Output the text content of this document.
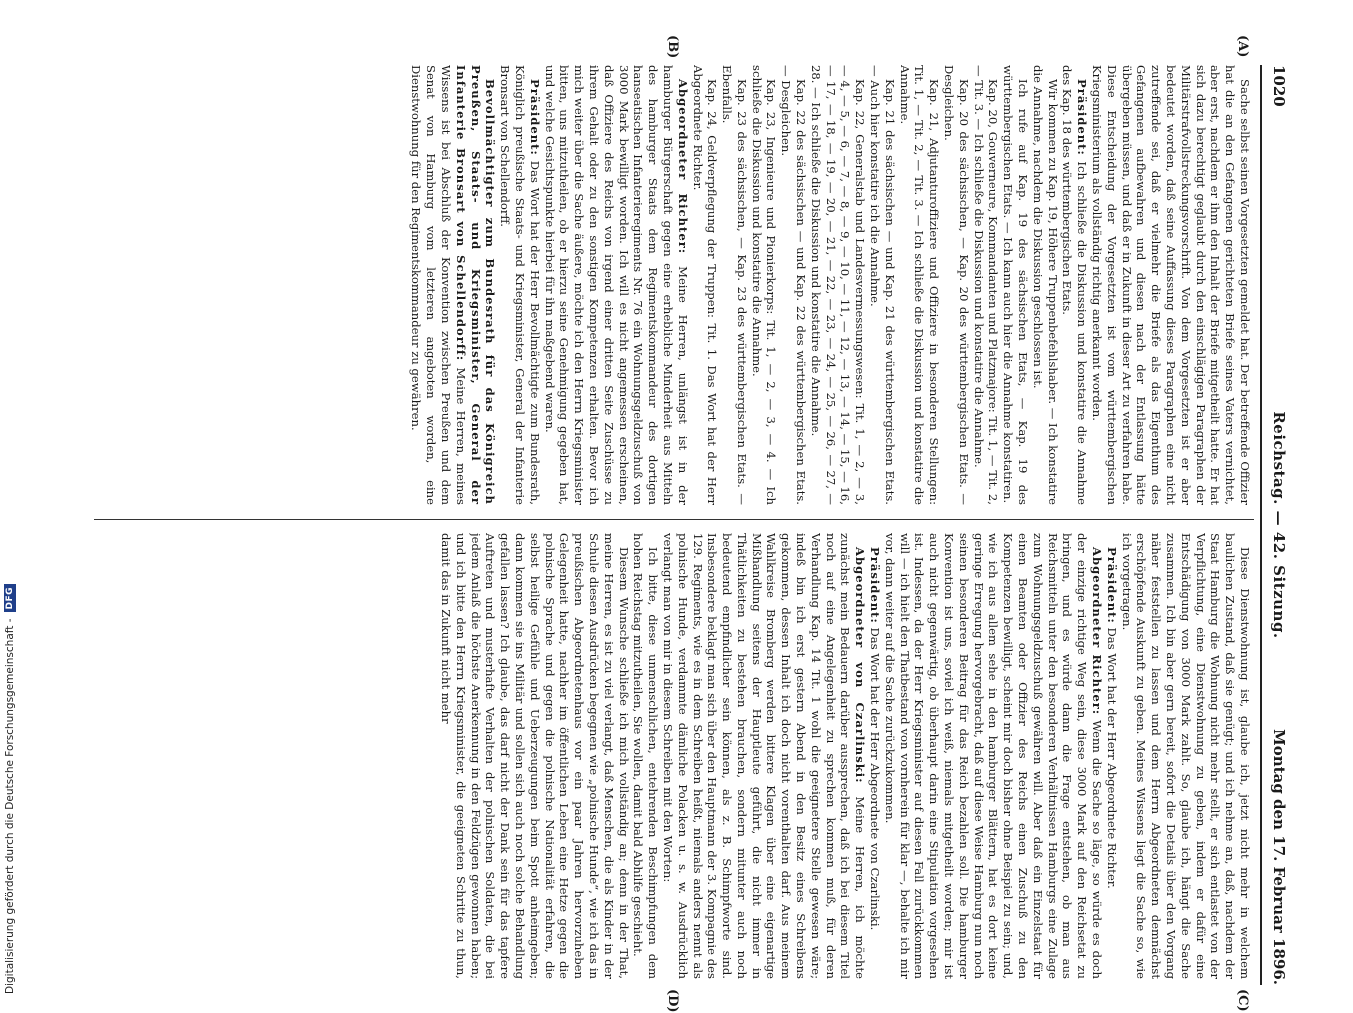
1020
Reichstag. — 42. Sitzung.
Montag den 17. Februar 1896.
(A)
(B)
(C)
(D)

Sache selbst seinen Vorgesetzten gemeldet hat. Der betreffende Offizier hat die an den Gefangenen gerichteten Briefe seines Vaters vernichtet, aber erst, nachdem er ihm den Inhalt der Briefe mitgetheilt hatte. Er hat sich dazu berechtigt geglaubt durch den einschlägigen Paragraphen der Militärstrafvollstreckungsvorschrift. Von dem Vorgesetzten ist er aber bedeutet worden, daß seine Auffassung dieses Paragraphen eine nicht zutreffende sei, daß er vielmehr die Briefe als das Eigenthum des Gefangenen aufbewahren und diesen nach der Entlassung hätte übergeben müssen, und daß er in Zukunft in dieser Art zu verfahren habe. Diese Entscheidung der Vorgesetzten ist vom württembergischen Kriegsministerium als vollständig richtig anerkannt worden.

Präsident: Ich schließe die Diskussion und konstatire die Annahme des Kap. 18 des württembergischen Etats.

Wir kommen zu Kap. 19, Höhere Truppenbefehlshaber. — Ich konstatire die Annahme, nachdem die Diskussion geschlossen ist.

Ich rufe auf Kap. 19 des sächsischen Etats, — Kap. 19 des württembergischen Etats. — Ich kann auch hier die Annahme konstatiren.

Kap. 20, Gouverneure, Kommandanten und Platzmajore: Tit. 1, — Tit. 2, — Tit. 3. — Ich schließe die Diskussion und konstatire die Annahme.

Kap. 20 des sächsischen, — Kap. 20 des württembergischen Etats. — Desgleichen.

Kap. 21, Adjutanturoffiziere und Offiziere in besonderen Stellungen: Tit. 1, — Tit. 2, — Tit. 3. — Ich schließe die Diskussion und konstatire die Annahme.

Kap. 21 des sächsischen — und Kap. 21 des württembergischen Etats. — Auch hier konstatire ich die Annahme.

Kap. 22, Generalstab und Landesvermessungswesen: Tit. 1, — 2, — 3, — 4, — 5, — 6, — 7, — 8, — 9, — 10, — 11, — 12, — 13, — 14, — 15, — 16, — 17, — 18, — 19, — 20, — 21, — 22, — 23, — 24, — 25, — 26, — 27, — 28. — Ich schließe die Diskussion und konstatire die Annahme.

Kap. 22 des sächsischen — und Kap. 22 des württembergischen Etats. — Desgleichen.

Kap. 23, Ingenieure und Pionierkorps: Tit. 1, — 2, — 3, — 4. — Ich schließe die Diskussion und konstatire die Annahme.

Kap. 23 des sächsischen, — Kap. 23 des württembergischen Etats. — Ebenfalls.

Kap. 24, Geldverpflegung der Truppen: Tit. 1. Das Wort hat der Herr Abgeordnete Richter.

Abgeordneter Richter: Meine Herren, unlängst ist in der hamburger Bürgerschaft gegen eine erhebliche Minderheit aus Mitteln des hamburger Staats dem Regimentskommandeur des dortigen hanseatischen Infanterieregiments Nr. 76 ein Wohnungsgeldzuschuß von 3000 Mark bewilligt worden. Ich will es nicht angemessen erscheinen, daß Offiziere des Reichs von irgend einer dritten Seite Zuschüsse zu ihrem Gehalt oder zu den sonstigen Kompetenzen erhalten. Bevor ich mich weiter über die Sache äußere, möchte ich den Herrn Kriegsminister bitten, uns mitzutheilen, ob er hierzu seine Genehmigung gegeben hat, und welche Gesichtspunkte hierbei für ihn maßgebend waren.

Präsident: Das Wort hat der Herr Bevollmächtigte zum Bundesrath, Königlich preußische Staats- und Kriegsminister, General der Infanterie Bronsart von Schellendorff.

Bevollmächtigter zum Bundesrath für das Königreich Preußen, Staats- und Kriegsminister, General der Infanterie Bronsart von Schellendorff: Meine Herren, meines Wissens ist bei Abschluß der Konvention zwischen Preußen und dem Senat von Hamburg vom letzteren angeboten worden, eine Dienstwohnung für den Regimentskommandeur zu gewähren.

Diese Dienstwohnung ist, glaube ich, jetzt nicht mehr in welchem baulichen Zustand, daß sie genügt; und ich nehme an, daß, nachdem der Staat Hamburg die Wohnung nicht mehr stellt, er sich entlastet von der Verpflichtung, eine Dienstwohnung zu geben, indem er dafür eine Entschädigung von 3000 Mark zahlt. So, glaube ich, hängt die Sache zusammen. Ich bin aber gern bereit, sofort die Details über den Vorgang näher feststellen zu lassen und dem Herrn Abgeordneten demnächst erschöpfende Auskunft zu geben. Meines Wissens liegt die Sache so, wie ich vorgetragen.

Präsident: Das Wort hat der Herr Abgeordnete Richter.

Abgeordneter Richter: Wenn die Sache so läge, so würde es doch der einzige richtige Weg sein, diese 3000 Mark auf den Reichsetat zu bringen, und es würde dann die Frage entstehen, ob man aus Reichsmitteln unter den besonderen Verhältnissen Hamburgs eine Zulage zum Wohnungsgeldzuschuß gewähren will. Aber daß ein Einzelstaat für einen Beamten oder Offizier des Reichs einen Zuschuß zu den Kompetenzen bewilligt, scheint mir doch bisher ohne Beispiel zu sein; und, wie ich aus allem sehe in den hamburger Blättern, hat es dort keine geringe Erregung hervorgebracht, daß auf diese Weise Hamburg nun noch seinen besonderen Beitrag für das Reich bezahlen soll. Die hamburger Konvention ist uns, soviel ich weiß, niemals mitgetheilt worden; mir ist auch nicht gegenwärtig, ob überhaupt darin eine Stipulation vorgesehen ist. Indessen, da der Herr Kriegsminister auf diesen Fall zurückkommen will — ich hielt den Thatbestand von vornherein für klar —, behalte ich mir vor, dann weiter auf die Sache zurückzukommen.

Präsident: Das Wort hat der Herr Abgeordnete von Czarlinski.

Abgeordneter von Czarlinski: Meine Herren, ich möchte zunächst mein Bedauern darüber aussprechen, daß ich bei diesem Titel noch auf eine Angelegenheit zu sprechen kommen muß, für deren Verhandlung Kap. 14 Tit. 1 wohl die geeignetere Stelle gewesen wäre; indeß bin ich erst gestern Abend in den Besitz eines Schreibens gekommen, dessen Inhalt ich doch nicht vorenthalten darf. Aus meinem Wahlkreise Bromberg werden bittere Klagen über eine eigenartige Mißhandlung seitens der Hauptleute geführt, die nicht immer in Thätlichkeiten zu bestehen brauchen, sondern mitunter auch noch bedeutend empfindlicher sein können, als z. B. Schimpfworte sind. Insbesondere beklagt man sich über den Hauptmann der 3. Kompagnie des 129. Regiments, wie es in dem Schreiben heißt, niemals anders nennt als polnische Hunde, verdammte dämliche Polacken u. s. w. Ausdrücklich verlangt man von mir in diesem Schreiben mit den Worten:

Ich bitte, diese unmenschlichen, entehrenden Beschimpfungen dem hohen Reichstag mitzutheilen, Sie wollen, damit bald Abhilfe geschieht.

Diesem Wunsche schließe ich mich vollständig an; denn in der That, meine Herren, es ist zu viel verlangt, daß Menschen, die als Kinder in der Schule diesen Ausdrücken begegnen wie „polnische Hunde“, wie ich das in preußischen Abgeordnetenhaus vor ein paar Jahren hervorzuheben Gelegenheit hatte, nachher im öffentlichen Leben eine Hetze gegen die polnische Sprache und gegen die polnische Nationalität erfahren, die selbst heilige Gefühle und Ueberzeugungen beim Spott anheimgeben; dann kommen sie ins Militär und sollen sich auch noch solche Behandlung gefallen lassen? Ich glaube, das darf nicht der Dank sein für das tapfere Auftreten und musterhafte Verhalten der polnischen Soldaten, die bei jedem Anlaß die höchste Anerkennung in den Feldzügen gewonnen haben; und ich bitte den Herrn Kriegsminister, die geeigneten Schritte zu thun, damit das in Zukunft nicht mehr

Digitalisierung gefördert durch die Deutsche Forschungsgemeinschaft -
DFG
